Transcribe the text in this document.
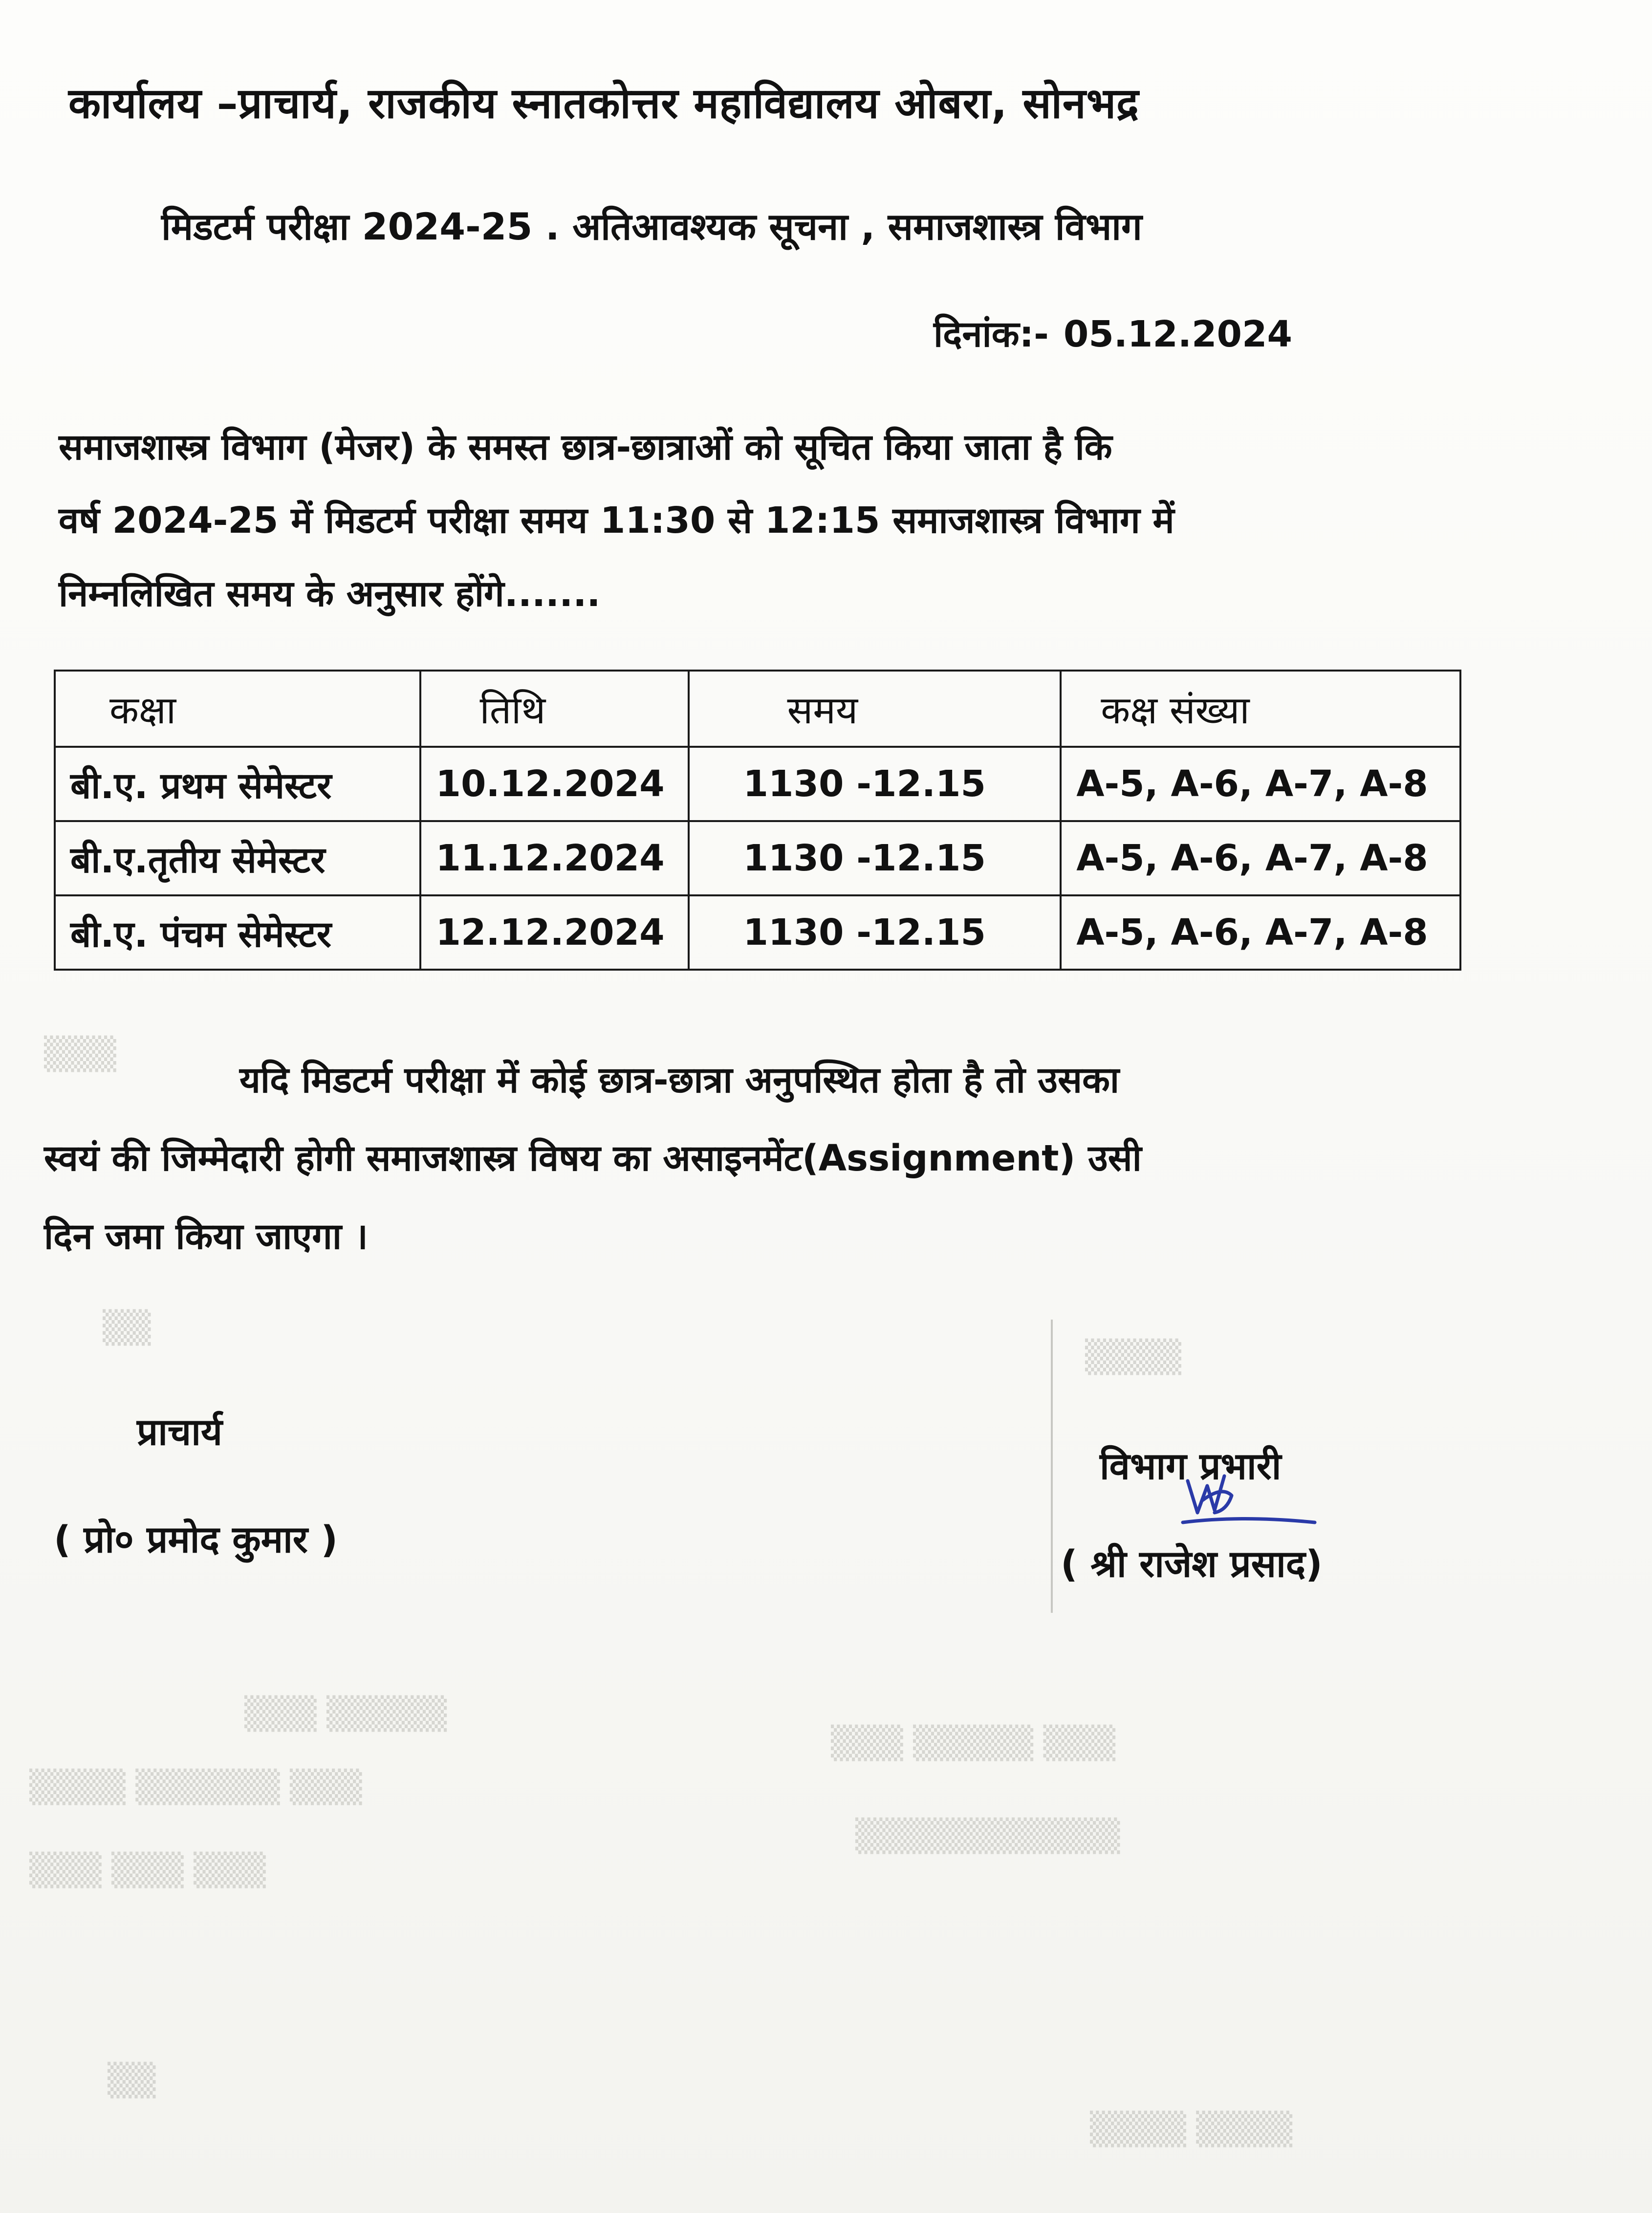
▒▒▒
▒▒
▒▒▒▒
▒▒▒ ▒▒▒▒▒
▒▒▒ ▒▒▒▒▒ ▒▒▒
▒▒▒▒ ▒▒▒▒▒▒ ▒▒▒
▒▒▒▒▒▒▒▒▒▒▒
▒▒▒ ▒▒▒ ▒▒▒
▒▒
▒▒▒▒ ▒▒▒▒
कार्यालय –प्राचार्य, राजकीय स्नातकोत्तर महाविद्यालय ओबरा, सोनभद्र
मिडटर्म परीक्षा 2024-25 . अतिआवश्यक सूचना , समाजशास्त्र विभाग
दिनांक:- 05.12.2024
समाजशास्त्र विभाग (मेजर) के समस्त छात्र-छात्राओं को सूचित किया जाता है कि
वर्ष 2024-25 में मिडटर्म परीक्षा समय 11:30 से 12:15 समाजशास्त्र विभाग में
निम्नलिखित समय के अनुसार होंगे.......
कक्षा	तिथि	समय	कक्ष संख्या
बी.ए. प्रथम सेमेस्टर	10.12.2024	1130 -12.15	A-5, A-6, A-7, A-8
बी.ए.तृतीय सेमेस्टर	11.12.2024	1130 -12.15	A-5, A-6, A-7, A-8
बी.ए. पंचम सेमेस्टर	12.12.2024	1130 -12.15	A-5, A-6, A-7, A-8
यदि मिडटर्म परीक्षा में कोई छात्र-छात्रा अनुपस्थित होता है तो उसका
स्वयं की जिम्मेदारी होगी समाजशास्त्र विषय का असाइनमेंट(Assignment) उसी
दिन जमा किया जाएगा ।
प्राचार्य
( प्रो० प्रमोद कुमार )
विभाग प्रभारी
( श्री राजेश प्रसाद)
